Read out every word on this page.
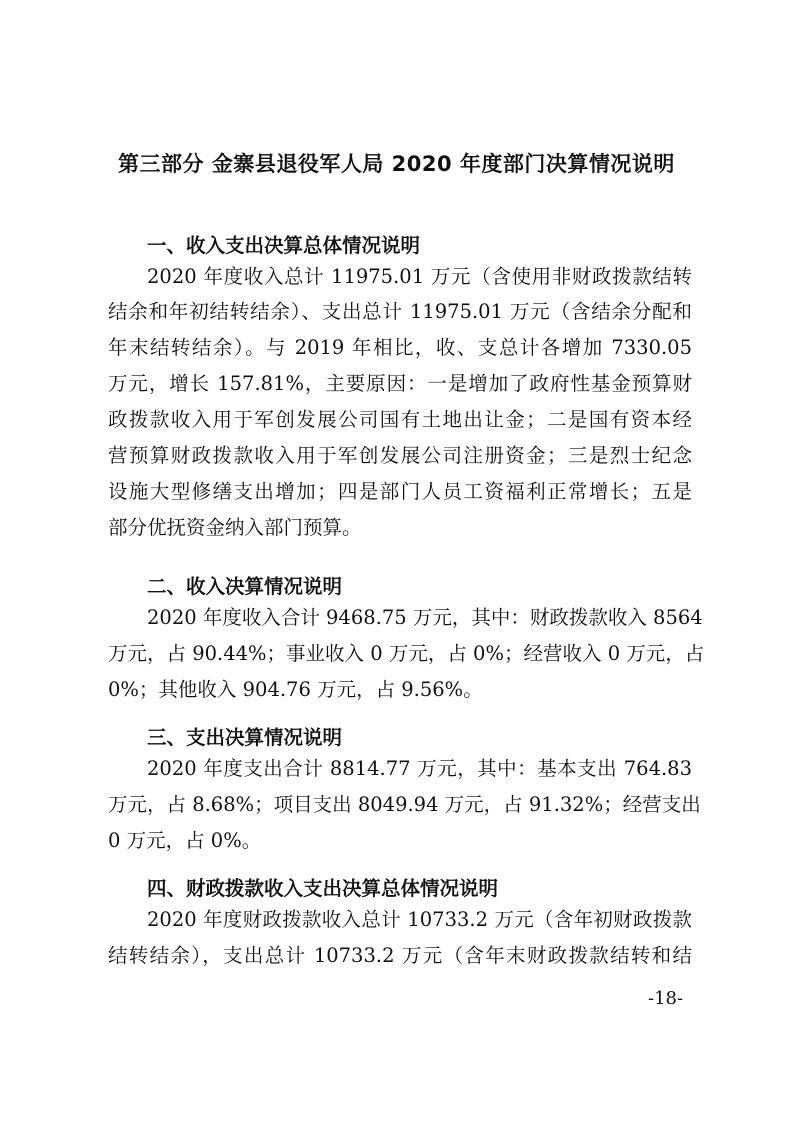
第三部分 金寨县退役军人局 2020 年度部门决算情况说明
一、收入支出决算总体情况说明
2020 年度收入总计 11975.01 万元（含使用非财政拨款结转
结余和年初结转结余）、支出总计 11975.01 万元（含结余分配和
年末结转结余）。与 2019 年相比，收、支总计各增加 7330.05
万元，增长 157.81%，主要原因：一是增加了政府性基金预算财
政拨款收入用于军创发展公司国有土地出让金；二是国有资本经
营预算财政拨款收入用于军创发展公司注册资金；三是烈士纪念
设施大型修缮支出增加；四是部门人员工资福利正常增长；五是
部分优抚资金纳入部门预算。
二、收入决算情况说明
2020 年度收入合计 9468.75 万元，其中：财政拨款收入 8564
万元，占 90.44%；事业收入 0 万元，占 0%；经营收入 0 万元，占
0%；其他收入 904.76 万元，占 9.56%。
三、支出决算情况说明
2020 年度支出合计 8814.77 万元，其中：基本支出 764.83
万元，占 8.68%；项目支出 8049.94 万元，占 91.32%；经营支出
0 万元，占 0%。
四、财政拨款收入支出决算总体情况说明
2020 年度财政拨款收入总计 10733.2 万元（含年初财政拨款
结转结余），支出总计 10733.2 万元（含年末财政拨款结转和结
-18-
